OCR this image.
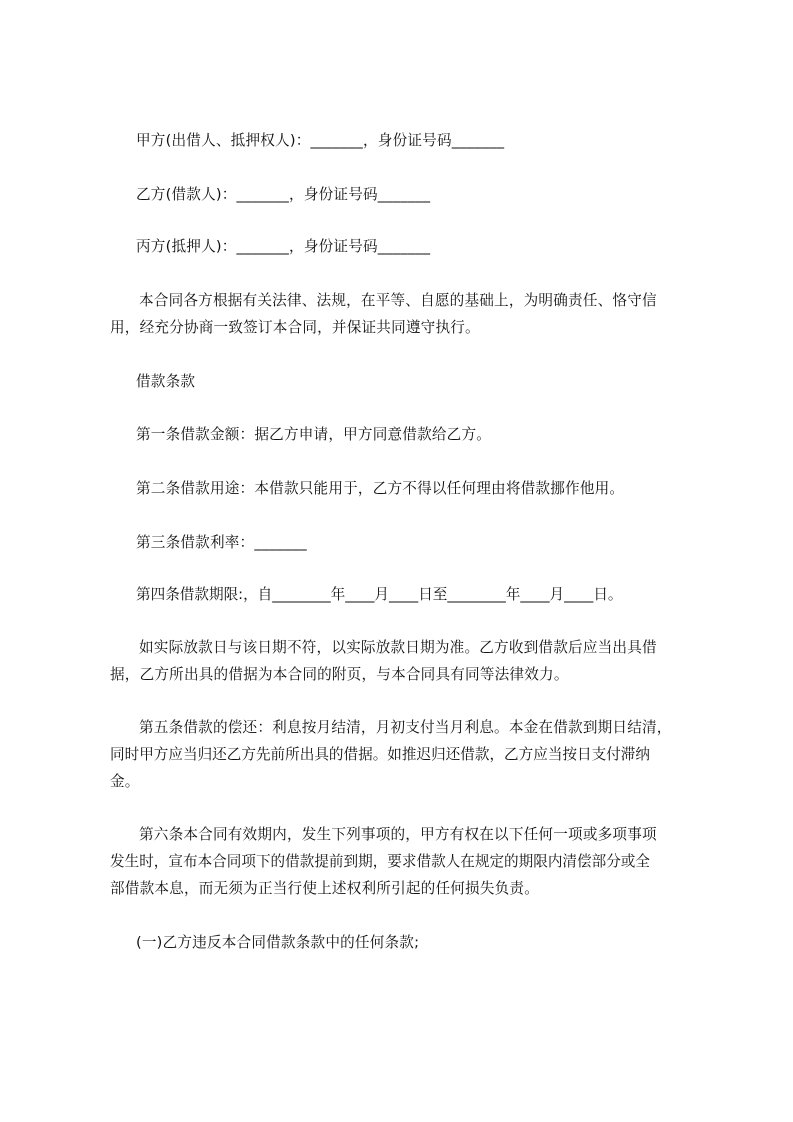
甲方(出借人、抵押权人)：_______，身份证号码_______
乙方(借款人)：_______，身份证号码_______
丙方(抵押人)：_______，身份证号码_______
本合同各方根据有关法律、法规，在平等、自愿的基础上，为明确责任、恪守信
用，经充分协商一致签订本合同，并保证共同遵守执行。
借款条款
第一条借款金额：据乙方申请，甲方同意借款给乙方。
第二条借款用途：本借款只能用于，乙方不得以任何理由将借款挪作他用。
第三条借款利率：_______
第四条借款期限:，自________年____月____日至________年____月____日。
如实际放款日与该日期不符，以实际放款日期为准。乙方收到借款后应当出具借
据，乙方所出具的借据为本合同的附页，与本合同具有同等法律效力。
第五条借款的偿还：利息按月结清，月初支付当月利息。本金在借款到期日结清，
同时甲方应当归还乙方先前所出具的借据。如推迟归还借款，乙方应当按日支付滞纳
金。
第六条本合同有效期内，发生下列事项的，甲方有权在以下任何一项或多项事项
发生时，宣布本合同项下的借款提前到期，要求借款人在规定的期限内清偿部分或全
部借款本息，而无须为正当行使上述权利所引起的任何损失负责。
(一)乙方违反本合同借款条款中的任何条款;
